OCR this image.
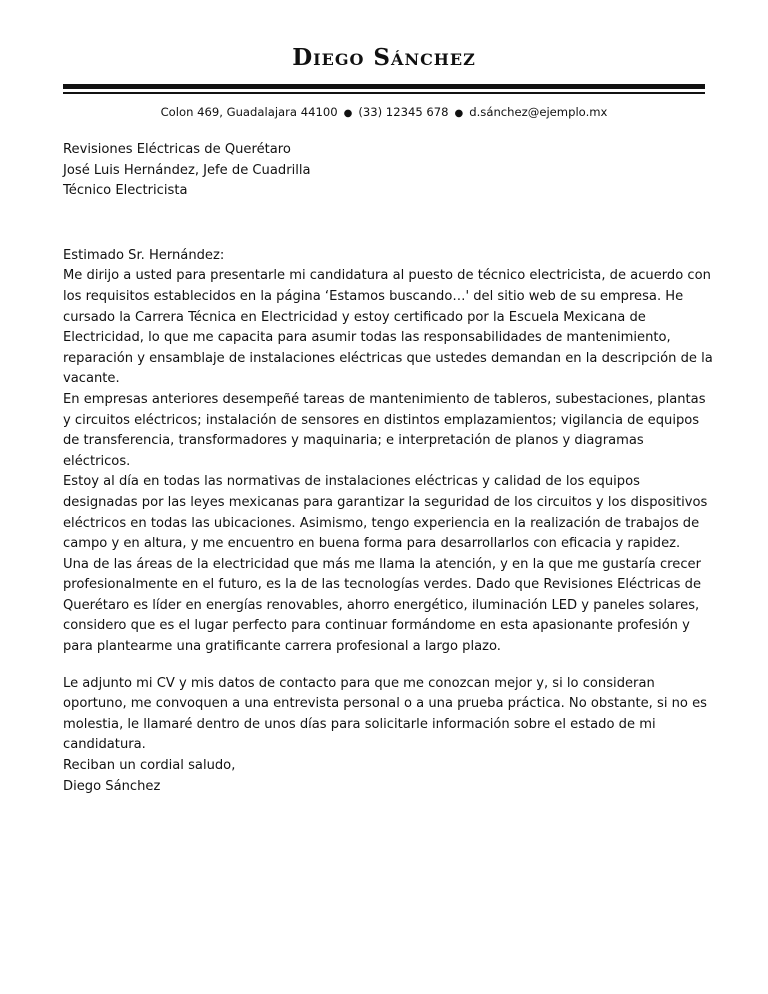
Diego Sánchez
Colon 469, Guadalajara 44100 ● (33) 12345 678 ● d.sánchez@ejemplo.mx

Revisiones Eléctricas de Querétaro

José Luis Hernández, Jefe de Cuadrilla

Técnico Electricista

Estimado Sr. Hernández:

Me dirijo a usted para presentarle mi candidatura al puesto de técnico electricista, de acuerdo con los requisitos establecidos en la página ‘Estamos buscando…' del sitio web de su empresa. He cursado la Carrera Técnica en Electricidad y estoy certificado por la Escuela Mexicana de Electricidad, lo que me capacita para asumir todas las responsabilidades de mantenimiento, reparación y ensamblaje de instalaciones eléctricas que ustedes demandan en la descripción de la vacante.

En empresas anteriores desempeñé tareas de mantenimiento de tableros, subestaciones, plantas y circuitos eléctricos; instalación de sensores en distintos emplazamientos; vigilancia de equipos de transferencia, transformadores y maquinaria; e interpretación de planos y diagramas eléctricos.

Estoy al día en todas las normativas de instalaciones eléctricas y calidad de los equipos designadas por las leyes mexicanas para garantizar la seguridad de los circuitos y los dispositivos eléctricos en todas las ubicaciones. Asimismo, tengo experiencia en la realización de trabajos de campo y en altura, y me encuentro en buena forma para desarrollarlos con eficacia y rapidez.

Una de las áreas de la electricidad que más me llama la atención, y en la que me gustaría crecer profesionalmente en el futuro, es la de las tecnologías verdes. Dado que Revisiones Eléctricas de Querétaro es líder en energías renovables, ahorro energético, iluminación LED y paneles solares, considero que es el lugar perfecto para continuar formándome en esta apasionante profesión y para plantearme una gratificante carrera profesional a largo plazo.

Le adjunto mi CV y mis datos de contacto para que me conozcan mejor y, si lo consideran oportuno, me convoquen a una entrevista personal o a una prueba práctica. No obstante, si no es molestia, le llamaré dentro de unos días para solicitarle información sobre el estado de mi candidatura.

Reciban un cordial saludo,

Diego Sánchez
